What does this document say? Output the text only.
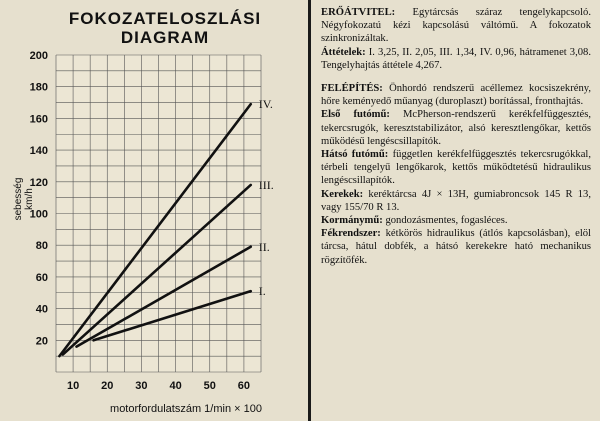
FOKOZATELOSZLÁSI
DIAGRAM
20
40
60
80
100
120
140
160
180
200
10 20 30 40 50 60
I.
II.
III.
IV.
sebesség km/h
motorfordulatszám 1/min × 100

ERŐÁTVITEL: Egytárcsás száraz tengelykapcsoló. Négyfokozatú kézi kapcsolású váltómű. A fokozatok szinkronizáltak.

Áttételek: I. 3,25, II. 2,05, III. 1,34, IV. 0,96, hátramenet 3,08. Tengelyhajtás áttétele 4,267.

FELÉPÍTÉS: Önhordó rendszerű acéllemez kocsiszekrény, hőre keményedő műanyag (duroplaszt) borítással, fronthajtás.

Első futómű: McPherson-rendszerű kerékfelfüggesztés, tekercsrugók, keresztstabilizátor, alsó keresztlengőkar, kettős működésű lengéscsillapítók.

Hátsó futómű: független kerékfelfüggesztés tekercsrugókkal, térbeli tengelyű lengőkarok, kettős működtetésű hidraulikus lengéscsillapítók.

Kerekek: keréktárcsa 4J × 13H, gumiabroncsok 145 R 13, vagy 155/70 R 13.

Kormánymű: gondozásmentes, fogasléces.

Fékrendszer: kétkörös hidraulikus (átlós kapcsolásban), elöl tárcsa, hátul dobfék, a hátsó kerekekre ható mechanikus rögzítőfék.
